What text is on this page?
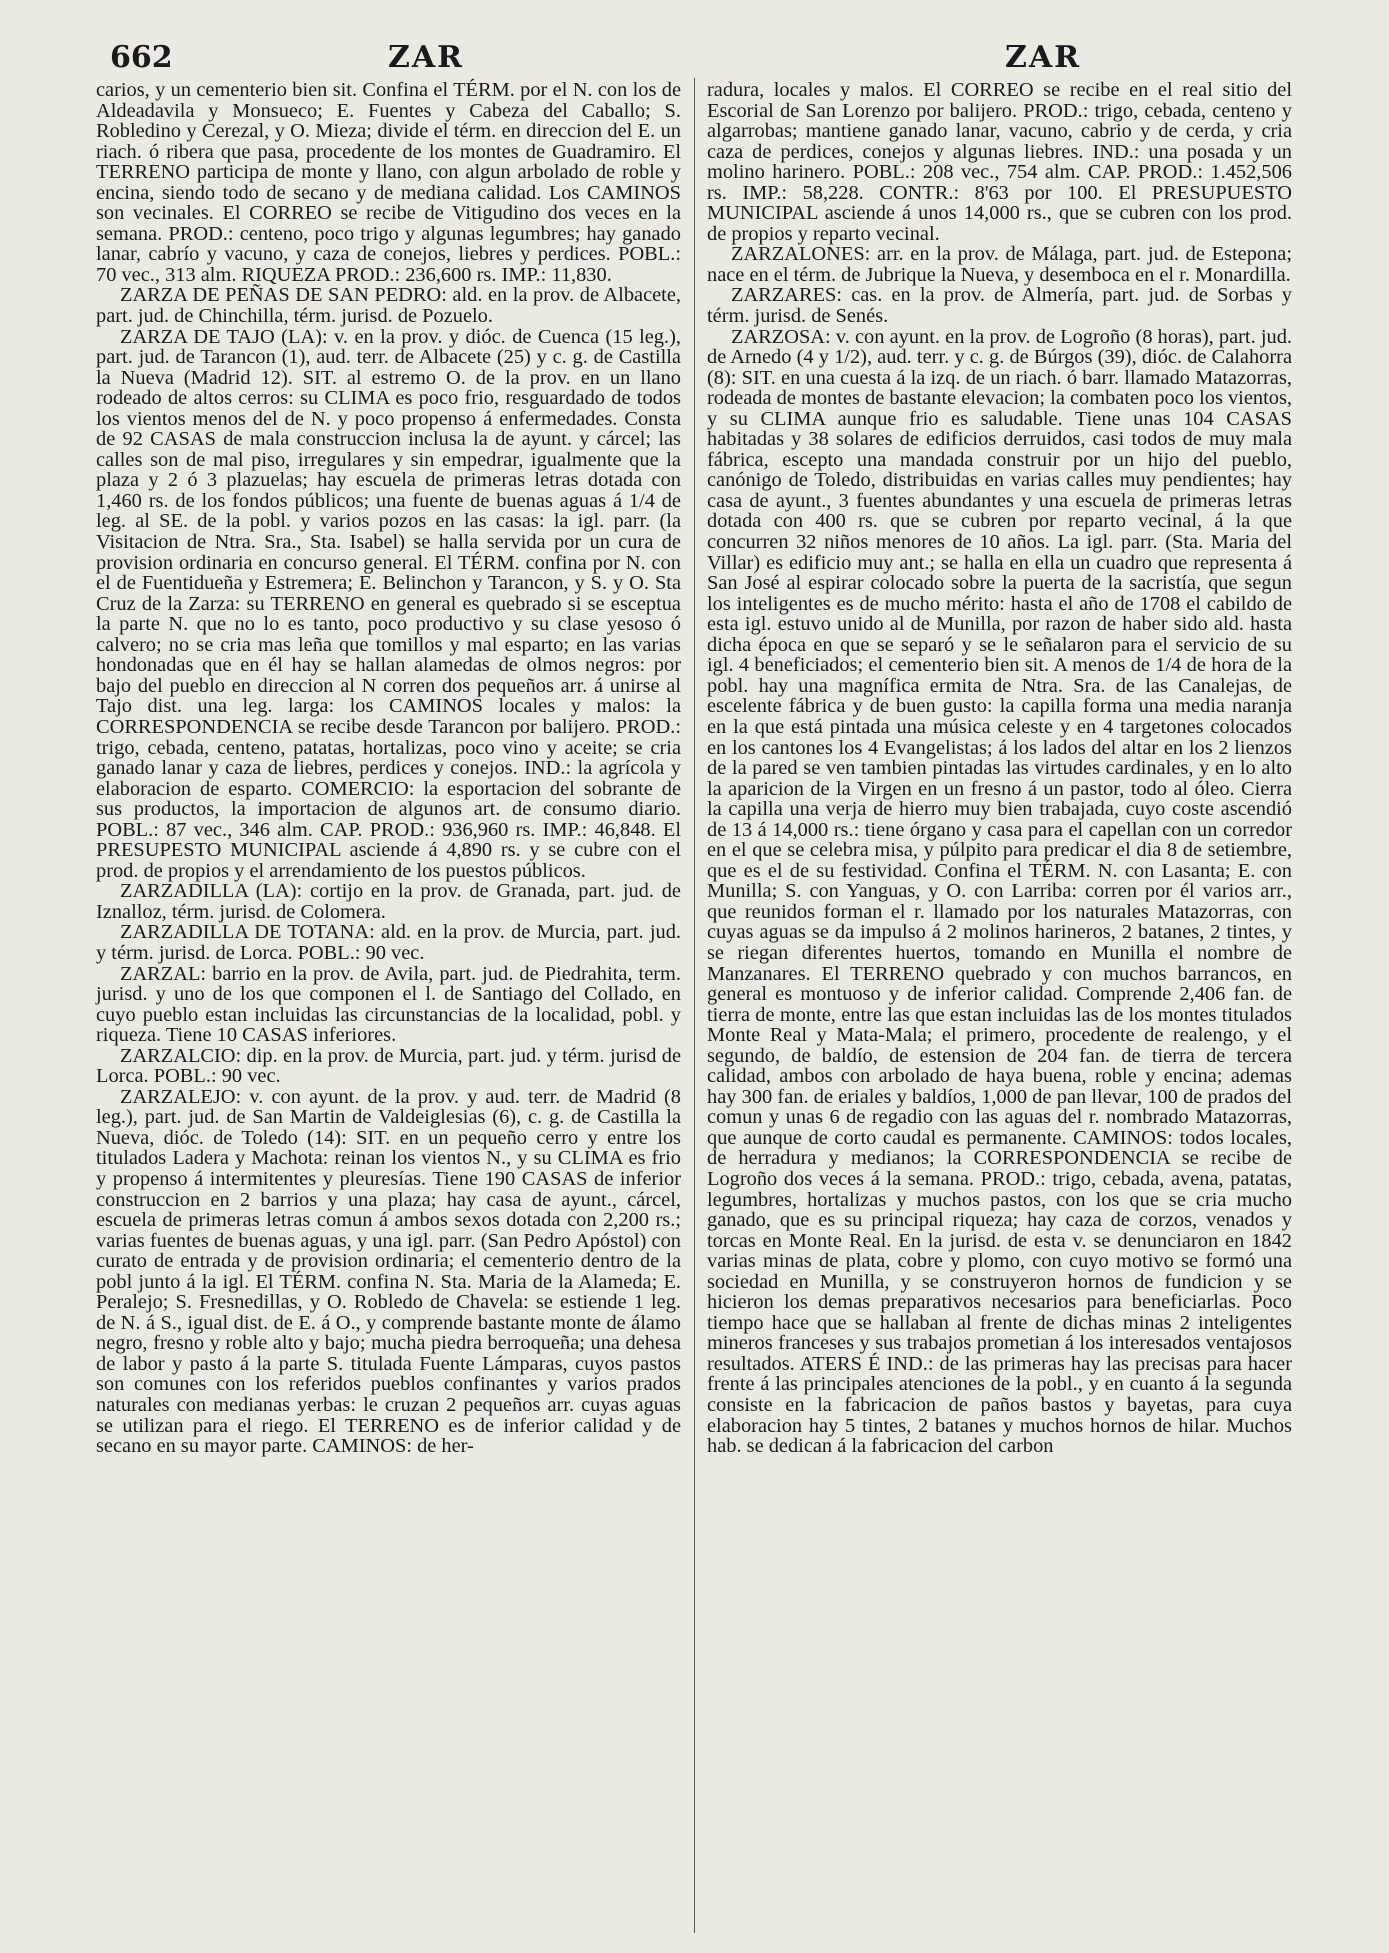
662	ZAR	ZAR

carios, y un cementerio bien sit. Confina el TÉRM. por el N. con los de Aldeadavila y Monsueco; E. Fuentes y Cabeza del Caballo; S. Robledino y Cerezal, y O. Mieza; divide el térm. en direccion del E. un riach. ó ribera que pasa, procedente de los montes de Guadramiro. El TERRENO participa de monte y llano, con algun arbolado de roble y encina, siendo todo de secano y de mediana calidad. Los CAMINOS son vecinales. El CORREO se recibe de Vitigudino dos veces en la semana. PROD.: centeno, poco trigo y algunas legumbres; hay ganado lanar, cabrío y vacuno, y caza de conejos, liebres y perdices. POBL.: 70 vec., 313 alm. RIQUEZA PROD.: 236,600 rs. IMP.: 11,830.

ZARZA DE PEÑAS DE SAN PEDRO: ald. en la prov. de Albacete, part. jud. de Chinchilla, térm. jurisd. de Pozuelo.

ZARZA DE TAJO (LA): v. en la prov. y dióc. de Cuenca (15 leg.), part. jud. de Tarancon (1), aud. terr. de Albacete (25) y c. g. de Castilla la Nueva (Madrid 12). SIT. al estremo O. de la prov. en un llano rodeado de altos cerros: su CLIMA es poco frio, resguardado de todos los vientos menos del de N. y poco propenso á enfermedades. Consta de 92 CASAS de mala construccion inclusa la de ayunt. y cárcel; las calles son de mal piso, irregulares y sin empedrar, igualmente que la plaza y 2 ó 3 plazuelas; hay escuela de primeras letras dotada con 1,460 rs. de los fondos públicos; una fuente de buenas aguas á 1/4 de leg. al SE. de la pobl. y varios pozos en las casas: la igl. parr. (la Visitacion de Ntra. Sra., Sta. Isabel) se halla servida por un cura de provision ordinaria en concurso general. El TÉRM. confina por N. con el de Fuentidueña y Estremera; E. Belinchon y Tarancon, y S. y O. Sta Cruz de la Zarza: su TERRENO en general es quebrado si se esceptua la parte N. que no lo es tanto, poco productivo y su clase yesoso ó calvero; no se cria mas leña que tomillos y mal esparto; en las varias hondonadas que en él hay se hallan alamedas de olmos negros: por bajo del pueblo en direccion al N corren dos pequeños arr. á unirse al Tajo dist. una leg. larga: los CAMINOS locales y malos: la CORRESPONDENCIA se recibe desde Tarancon por balijero. PROD.: trigo, cebada, centeno, patatas, hortalizas, poco vino y aceite; se cria ganado lanar y caza de liebres, perdices y conejos. IND.: la agrícola y elaboracion de esparto. COMERCIO: la esportacion del sobrante de sus productos, la importacion de algunos art. de consumo diario. POBL.: 87 vec., 346 alm. CAP. PROD.: 936,960 rs. IMP.: 46,848. El PRESUPESTO MUNICIPAL asciende á 4,890 rs. y se cubre con el prod. de propios y el arrendamiento de los puestos públicos.

ZARZADILLA (LA): cortijo en la prov. de Granada, part. jud. de Iznalloz, térm. jurisd. de Colomera.

ZARZADILLA DE TOTANA: ald. en la prov. de Murcia, part. jud. y térm. jurisd. de Lorca. POBL.: 90 vec.

ZARZAL: barrio en la prov. de Avila, part. jud. de Piedrahita, term. jurisd. y uno de los que componen el l. de Santiago del Collado, en cuyo pueblo estan incluidas las circunstancias de la localidad, pobl. y riqueza. Tiene 10 CASAS inferiores.

ZARZALCIO: dip. en la prov. de Murcia, part. jud. y térm. jurisd de Lorca. POBL.: 90 vec.

ZARZALEJO: v. con ayunt. de la prov. y aud. terr. de Madrid (8 leg.), part. jud. de San Martin de Valdeiglesias (6), c. g. de Castilla la Nueva, dióc. de Toledo (14): SIT. en un pequeño cerro y entre los titulados Ladera y Machota: reinan los vientos N., y su CLIMA es frio y propenso á intermitentes y pleuresías. Tiene 190 CASAS de inferior construccion en 2 barrios y una plaza; hay casa de ayunt., cárcel, escuela de primeras letras comun á ambos sexos dotada con 2,200 rs.; varias fuentes de buenas aguas, y una igl. parr. (San Pedro Apóstol) con curato de entrada y de provision ordinaria; el cementerio dentro de la pobl junto á la igl. El TÉRM. confina N. Sta. Maria de la Alameda; E. Peralejo; S. Fresnedillas, y O. Robledo de Chavela: se estiende 1 leg. de N. á S., igual dist. de E. á O., y comprende bastante monte de álamo negro, fresno y roble alto y bajo; mucha piedra berroqueña; una dehesa de labor y pasto á la parte S. titulada Fuente Lámparas, cuyos pastos son comunes con los referidos pueblos confinantes y varios prados naturales con medianas yerbas: le cruzan 2 pequeños arr. cuyas aguas se utilizan para el riego. El TERRENO es de inferior calidad y de secano en su mayor parte. CAMINOS: de her-

radura, locales y malos. El CORREO se recibe en el real sitio del Escorial de San Lorenzo por balijero. PROD.: trigo, cebada, centeno y algarrobas; mantiene ganado lanar, vacuno, cabrio y de cerda, y cria caza de perdices, conejos y algunas liebres. IND.: una posada y un molino harinero. POBL.: 208 vec., 754 alm. CAP. PROD.: 1.452,506 rs. IMP.: 58,228. CONTR.: 8'63 por 100. El PRESUPUESTO MUNICIPAL asciende á unos 14,000 rs., que se cubren con los prod. de propios y reparto vecinal.

ZARZALONES: arr. en la prov. de Málaga, part. jud. de Estepona; nace en el térm. de Jubrique la Nueva, y desemboca en el r. Monardilla.

ZARZARES: cas. en la prov. de Almería, part. jud. de Sorbas y térm. jurisd. de Senés.

ZARZOSA: v. con ayunt. en la prov. de Logroño (8 horas), part. jud. de Arnedo (4 y 1/2), aud. terr. y c. g. de Búrgos (39), dióc. de Calahorra (8): SIT. en una cuesta á la izq. de un riach. ó barr. llamado Matazorras, rodeada de montes de bastante elevacion; la combaten poco los vientos, y su CLIMA aunque frio es saludable. Tiene unas 104 CASAS habitadas y 38 solares de edificios derruidos, casi todos de muy mala fábrica, escepto una mandada construir por un hijo del pueblo, canónigo de Toledo, distribuidas en varias calles muy pendientes; hay casa de ayunt., 3 fuentes abundantes y una escuela de primeras letras dotada con 400 rs. que se cubren por reparto vecinal, á la que concurren 32 niños menores de 10 años. La igl. parr. (Sta. Maria del Villar) es edificio muy ant.; se halla en ella un cuadro que representa á San José al espirar colocado sobre la puerta de la sacristía, que segun los inteligentes es de mucho mérito: hasta el año de 1708 el cabildo de esta igl. estuvo unido al de Munilla, por razon de haber sido ald. hasta dicha época en que se separó y se le señalaron para el servicio de su igl. 4 beneficiados; el cementerio bien sit. A menos de 1/4 de hora de la pobl. hay una magnífica ermita de Ntra. Sra. de las Canalejas, de escelente fábrica y de buen gusto: la capilla forma una media naranja en la que está pintada una música celeste y en 4 targetones colocados en los cantones los 4 Evangelistas; á los lados del altar en los 2 lienzos de la pared se ven tambien pintadas las virtudes cardinales, y en lo alto la aparicion de la Virgen en un fresno á un pastor, todo al óleo. Cierra la capilla una verja de hierro muy bien trabajada, cuyo coste ascendió de 13 á 14,000 rs.: tiene órgano y casa para el capellan con un corredor en el que se celebra misa, y púlpito para predicar el dia 8 de setiembre, que es el de su festividad. Confina el TÉRM. N. con Lasanta; E. con Munilla; S. con Yanguas, y O. con Larriba: corren por él varios arr., que reunidos forman el r. llamado por los naturales Matazorras, con cuyas aguas se da impulso á 2 molinos harineros, 2 batanes, 2 tintes, y se riegan diferentes huertos, tomando en Munilla el nombre de Manzanares. El TERRENO quebrado y con muchos barrancos, en general es montuoso y de inferior calidad. Comprende 2,406 fan. de tierra de monte, entre las que estan incluidas las de los montes titulados Monte Real y Mata-Mala; el primero, procedente de realengo, y el segundo, de baldío, de estension de 204 fan. de tierra de tercera calidad, ambos con arbolado de haya buena, roble y encina; ademas hay 300 fan. de eriales y baldíos, 1,000 de pan llevar, 100 de prados del comun y unas 6 de regadio con las aguas del r. nombrado Matazorras, que aunque de corto caudal es permanente. CAMINOS: todos locales, de herradura y medianos; la CORRESPONDENCIA se recibe de Logroño dos veces á la semana. PROD.: trigo, cebada, avena, patatas, legumbres, hortalizas y muchos pastos, con los que se cria mucho ganado, que es su principal riqueza; hay caza de corzos, venados y torcas en Monte Real. En la jurisd. de esta v. se denunciaron en 1842 varias minas de plata, cobre y plomo, con cuyo motivo se formó una sociedad en Munilla, y se construyeron hornos de fundicion y se hicieron los demas preparativos necesarios para beneficiarlas. Poco tiempo hace que se hallaban al frente de dichas minas 2 inteligentes mineros franceses y sus trabajos prometian á los interesados ventajosos resultados. ATERS É IND.: de las primeras hay las precisas para hacer frente á las principales atenciones de la pobl., y en cuanto á la segunda consiste en la fabricacion de paños bastos y bayetas, para cuya elaboracion hay 5 tintes, 2 batanes y muchos hornos de hilar. Muchos hab. se dedican á la fabricacion del carbon
